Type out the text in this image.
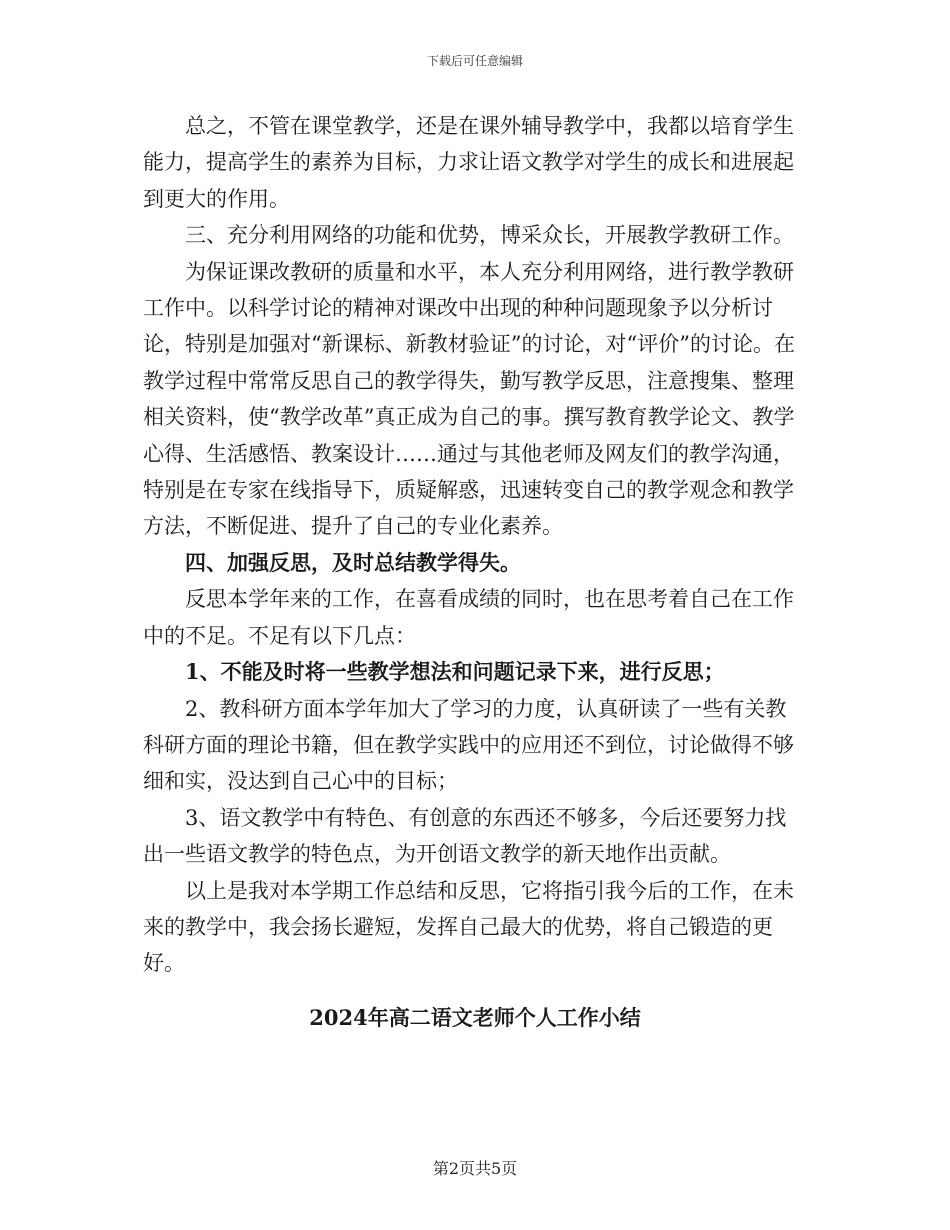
下载后可任意编辑

总之，不管在课堂教学，还是在课外辅导教学中，我都以培育学生能力，提高学生的素养为目标，力求让语文教学对学生的成长和进展起到更大的作用。

三、充分利用网络的功能和优势，博采众长，开展教学教研工作。

为保证课改教研的质量和水平，本人充分利用网络，进行教学教研工作中。以科学讨论的精神对课改中出现的种种问题现象予以分析讨论，特别是加强对“新课标、新教材验证”的讨论，对“评价”的讨论。在教学过程中常常反思自己的教学得失，勤写教学反思，注意搜集、整理相关资料，使“教学改革”真正成为自己的事。撰写教育教学论文、教学心得、生活感悟、教案设计……通过与其他老师及网友们的教学沟通，特别是在专家在线指导下，质疑解惑，迅速转变自己的教学观念和教学方法，不断促进、提升了自己的专业化素养。

四、加强反思，及时总结教学得失。

反思本学年来的工作，在喜看成绩的同时，也在思考着自己在工作中的不足。不足有以下几点：

1、不能及时将一些教学想法和问题记录下来，进行反思；

2、教科研方面本学年加大了学习的力度，认真研读了一些有关教科研方面的理论书籍，但在教学实践中的应用还不到位，讨论做得不够细和实，没达到自己心中的目标；

3、语文教学中有特色、有创意的东西还不够多，今后还要努力找出一些语文教学的特色点，为开创语文教学的新天地作出贡献。

以上是我对本学期工作总结和反思，它将指引我今后的工作，在未来的教学中，我会扬长避短，发挥自己最大的优势，将自己锻造的更好。

2024年高二语文老师个人工作小结
第2页共5页
